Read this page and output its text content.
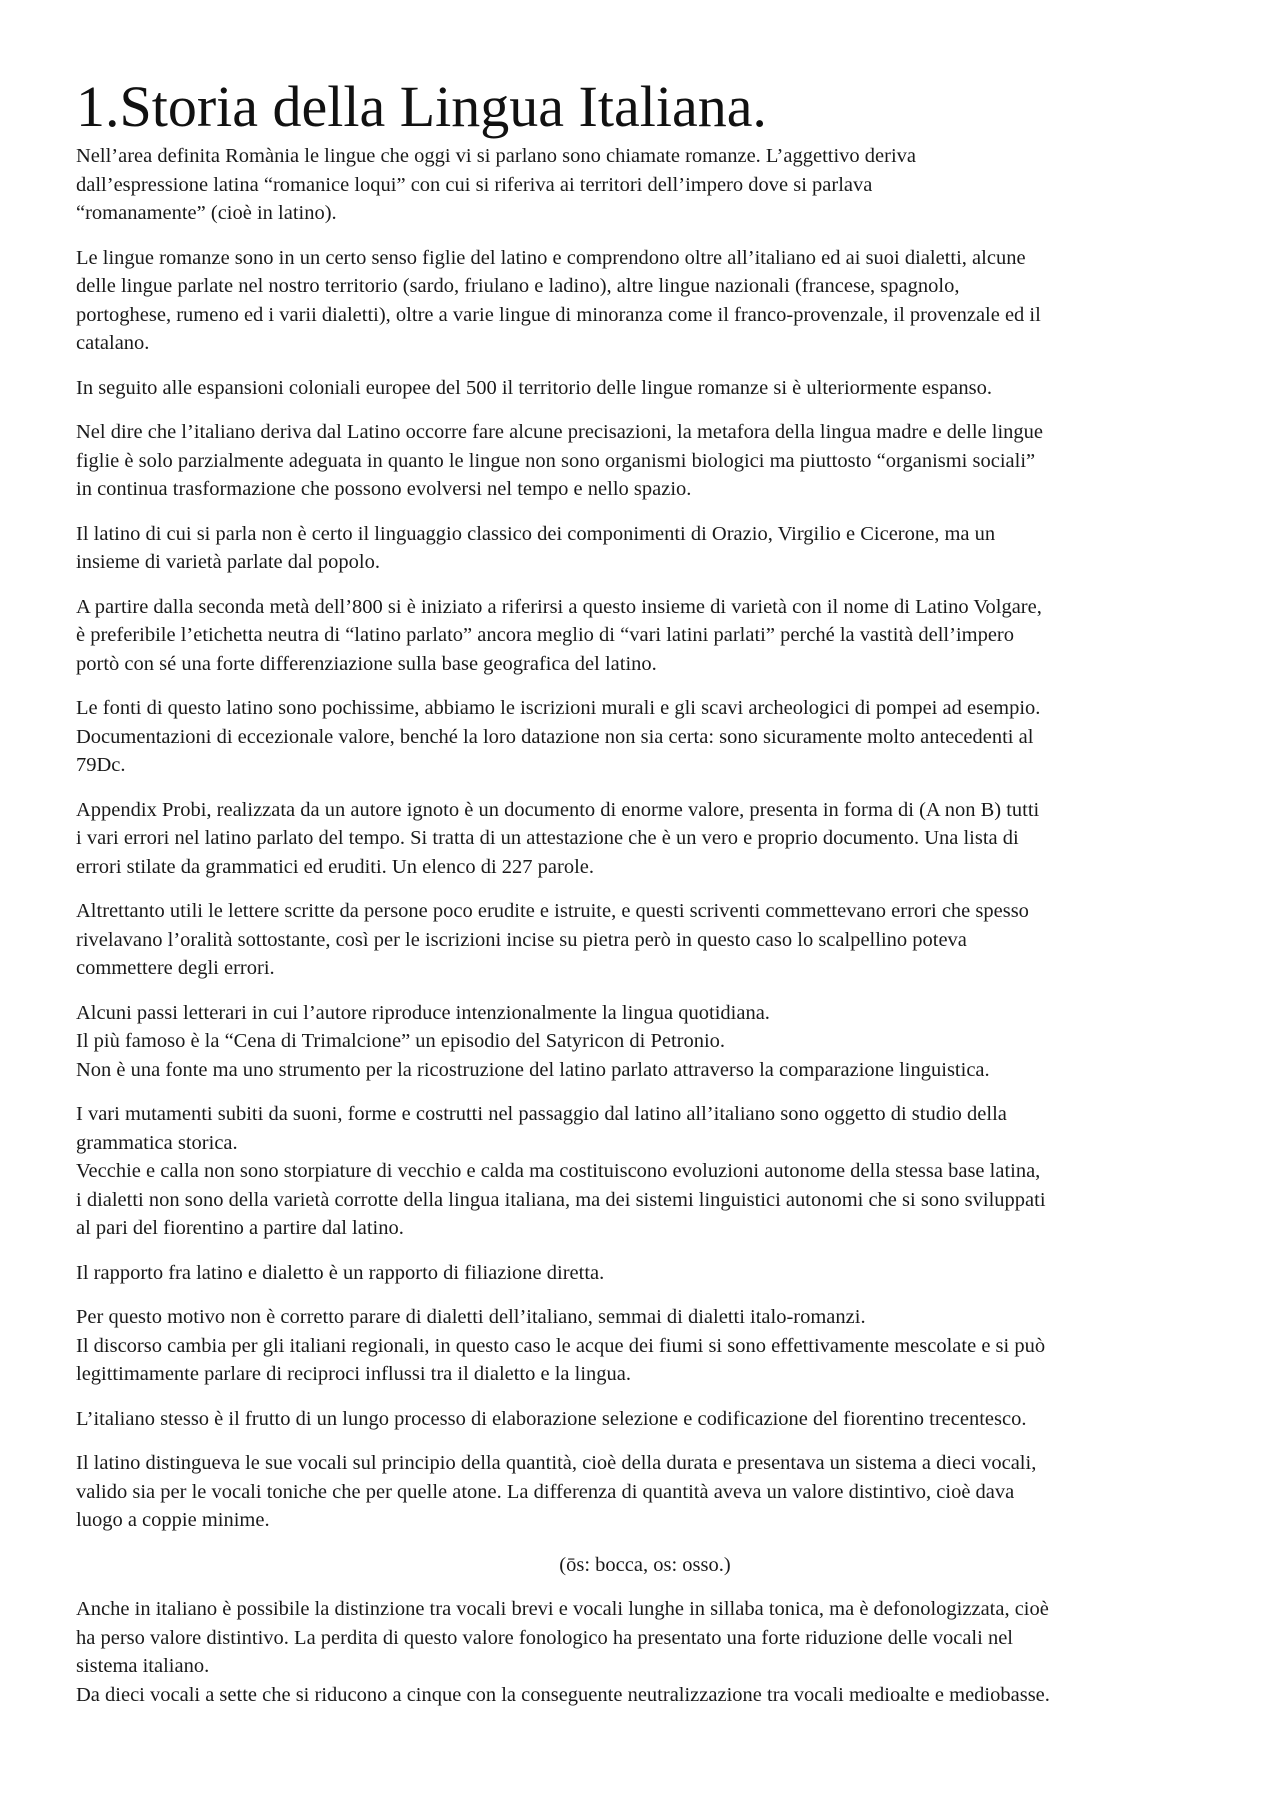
1.Storia della Lingua Italiana.

Nell’area definita Romània le lingue che oggi vi si parlano sono chiamate romanze. L’aggettivo deriva
dall’espressione latina “romanice loqui” con cui si riferiva ai territori dell’impero dove si parlava
“romanamente” (cioè in latino).

Le lingue romanze sono in un certo senso figlie del latino e comprendono oltre all’italiano ed ai suoi dialetti, alcune
delle lingue parlate nel nostro territorio (sardo, friulano e ladino), altre lingue nazionali (francese, spagnolo,
portoghese, rumeno ed i varii dialetti), oltre a varie lingue di minoranza come il franco-provenzale, il provenzale ed il
catalano.

In seguito alle espansioni coloniali europee del 500 il territorio delle lingue romanze si è ulteriormente espanso.

Nel dire che l’italiano deriva dal Latino occorre fare alcune precisazioni, la metafora della lingua madre e delle lingue
figlie è solo parzialmente adeguata in quanto le lingue non sono organismi biologici ma piuttosto “organismi sociali”
in continua trasformazione che possono evolversi nel tempo e nello spazio.

Il latino di cui si parla non è certo il linguaggio classico dei componimenti di Orazio, Virgilio e Cicerone, ma un
insieme di varietà parlate dal popolo.

A partire dalla seconda metà dell’800 si è iniziato a riferirsi a questo insieme di varietà con il nome di Latino Volgare,
è preferibile l’etichetta neutra di “latino parlato” ancora meglio di “vari latini parlati” perché la vastità dell’impero
portò con sé una forte differenziazione sulla base geografica del latino.

Le fonti di questo latino sono pochissime, abbiamo le iscrizioni murali e gli scavi archeologici di pompei ad esempio.
Documentazioni di eccezionale valore, benché la loro datazione non sia certa: sono sicuramente molto antecedenti al
79Dc.

Appendix Probi, realizzata da un autore ignoto è un documento di enorme valore, presenta in forma di (A non B) tutti
i vari errori nel latino parlato del tempo. Si tratta di un attestazione che è un vero e proprio documento. Una lista di
errori stilate da grammatici ed eruditi. Un elenco di 227 parole.

Altrettanto utili le lettere scritte da persone poco erudite e istruite, e questi scriventi commettevano errori che spesso
rivelavano l’oralità sottostante, così per le iscrizioni incise su pietra però in questo caso lo scalpellino poteva
commettere degli errori.

Alcuni passi letterari in cui l’autore riproduce intenzionalmente la lingua quotidiana.
Il più famoso è la “Cena di Trimalcione” un episodio del Satyricon di Petronio.
Non è una fonte ma uno strumento per la ricostruzione del latino parlato attraverso la comparazione linguistica.

I vari mutamenti subiti da suoni, forme e costrutti nel passaggio dal latino all’italiano sono oggetto di studio della
grammatica storica.
Vecchie e calla non sono storpiature di vecchio e calda ma costituiscono evoluzioni autonome della stessa base latina,
i dialetti non sono della varietà corrotte della lingua italiana, ma dei sistemi linguistici autonomi che si sono sviluppati
al pari del fiorentino a partire dal latino.

Il rapporto fra latino e dialetto è un rapporto di filiazione diretta.

Per questo motivo non è corretto parare di dialetti dell’italiano, semmai di dialetti italo-romanzi.
Il discorso cambia per gli italiani regionali, in questo caso le acque dei fiumi si sono effettivamente mescolate e si può
legittimamente parlare di reciproci influssi tra il dialetto e la lingua.

L’italiano stesso è il frutto di un lungo processo di elaborazione selezione e codificazione del fiorentino trecentesco.

Il latino distingueva le sue vocali sul principio della quantità, cioè della durata e presentava un sistema a dieci vocali,
valido sia per le vocali toniche che per quelle atone. La differenza di quantità aveva un valore distintivo, cioè dava
luogo a coppie minime.

(ōs: bocca, os: osso.)

Anche in italiano è possibile la distinzione tra vocali brevi e vocali lunghe in sillaba tonica, ma è defonologizzata, cioè
ha perso valore distintivo. La perdita di questo valore fonologico ha presentato una forte riduzione delle vocali nel
sistema italiano.
Da dieci vocali a sette che si riducono a cinque con la conseguente neutralizzazione tra vocali medioalte e mediobasse.
